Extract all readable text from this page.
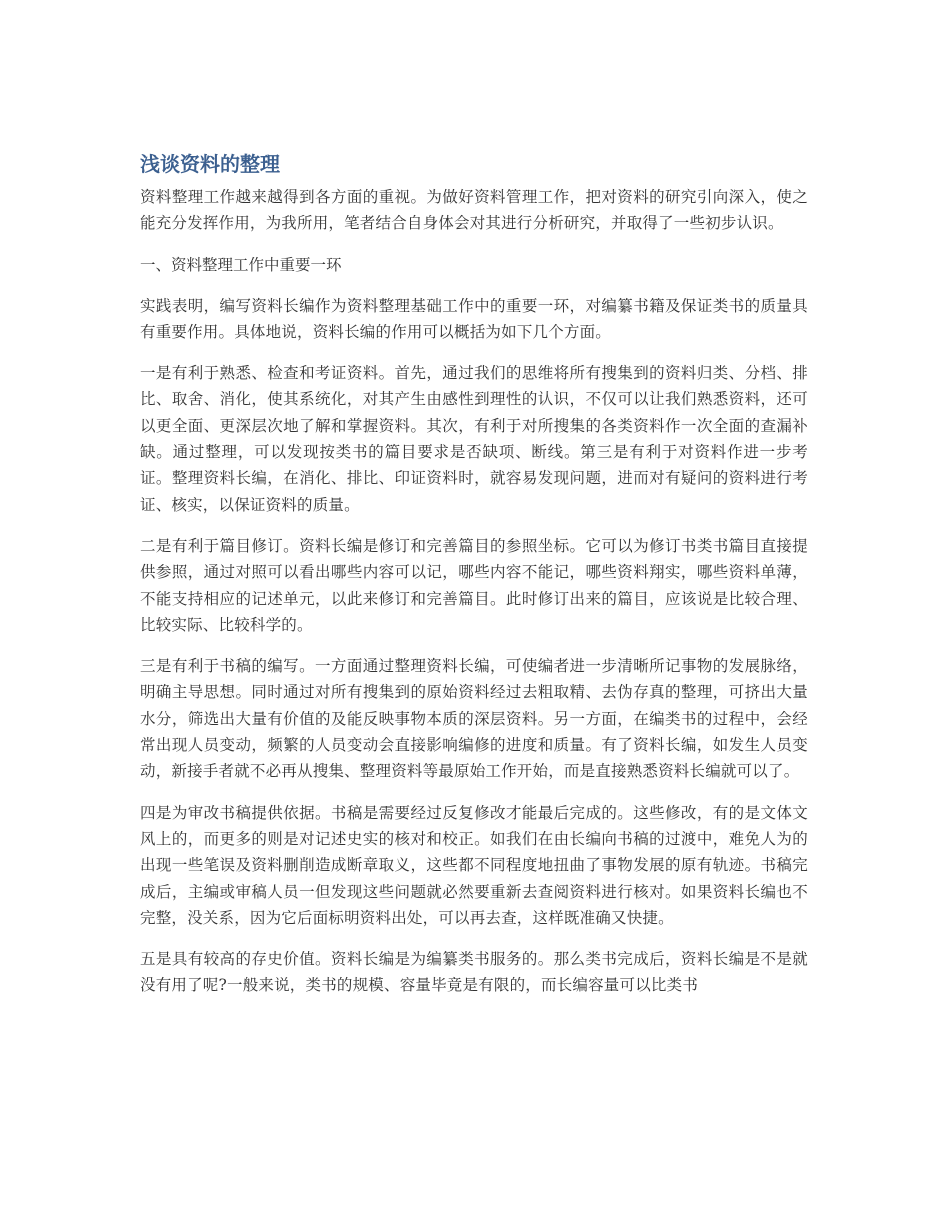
浅谈资料的整理

资料整理工作越来越得到各方面的重视。为做好资料管理工作，把对资料的研究引向深入，使之能充分发挥作用，为我所用，笔者结合自身体会对其进行分析研究，并取得了一些初步认识。

一、资料整理工作中重要一环

实践表明，编写资料长编作为资料整理基础工作中的重要一环，对编纂书籍及保证类书的质量具有重要作用。具体地说，资料长编的作用可以概括为如下几个方面。

一是有利于熟悉、检查和考证资料。首先，通过我们的思维将所有搜集到的资料归类、分档、排比、取舍、消化，使其系统化，对其产生由感性到理性的认识，不仅可以让我们熟悉资料，还可以更全面、更深层次地了解和掌握资料。其次，有利于对所搜集的各类资料作一次全面的查漏补缺。通过整理，可以发现按类书的篇目要求是否缺项、断线。第三是有利于对资料作进一步考证。整理资料长编，在消化、排比、印证资料时，就容易发现问题，进而对有疑问的资料进行考证、核实，以保证资料的质量。

二是有利于篇目修订。资料长编是修订和完善篇目的参照坐标。它可以为修订书类书篇目直接提供参照，通过对照可以看出哪些内容可以记，哪些内容不能记，哪些资料翔实，哪些资料单薄，不能支持相应的记述单元，以此来修订和完善篇目。此时修订出来的篇目，应该说是比较合理、比较实际、比较科学的。

三是有利于书稿的编写。一方面通过整理资料长编，可使编者进一步清晰所记事物的发展脉络，明确主导思想。同时通过对所有搜集到的原始资料经过去粗取精、去伪存真的整理，可挤出大量水分，筛选出大量有价值的及能反映事物本质的深层资料。另一方面，在编类书的过程中，会经常出现人员变动，频繁的人员变动会直接影响编修的进度和质量。有了资料长编，如发生人员变动，新接手者就不必再从搜集、整理资料等最原始工作开始，而是直接熟悉资料长编就可以了。

四是为审改书稿提供依据。书稿是需要经过反复修改才能最后完成的。这些修改，有的是文体文风上的，而更多的则是对记述史实的核对和校正。如我们在由长编向书稿的过渡中，难免人为的出现一些笔误及资料删削造成断章取义，这些都不同程度地扭曲了事物发展的原有轨迹。书稿完成后，主编或审稿人员一但发现这些问题就必然要重新去查阅资料进行核对。如果资料长编也不完整，没关系，因为它后面标明资料出处，可以再去查，这样既准确又快捷。

五是具有较高的存史价值。资料长编是为编纂类书服务的。那么类书完成后，资料长编是不是就没有用了呢?一般来说，类书的规模、容量毕竟是有限的，而长编容量可以比类书
